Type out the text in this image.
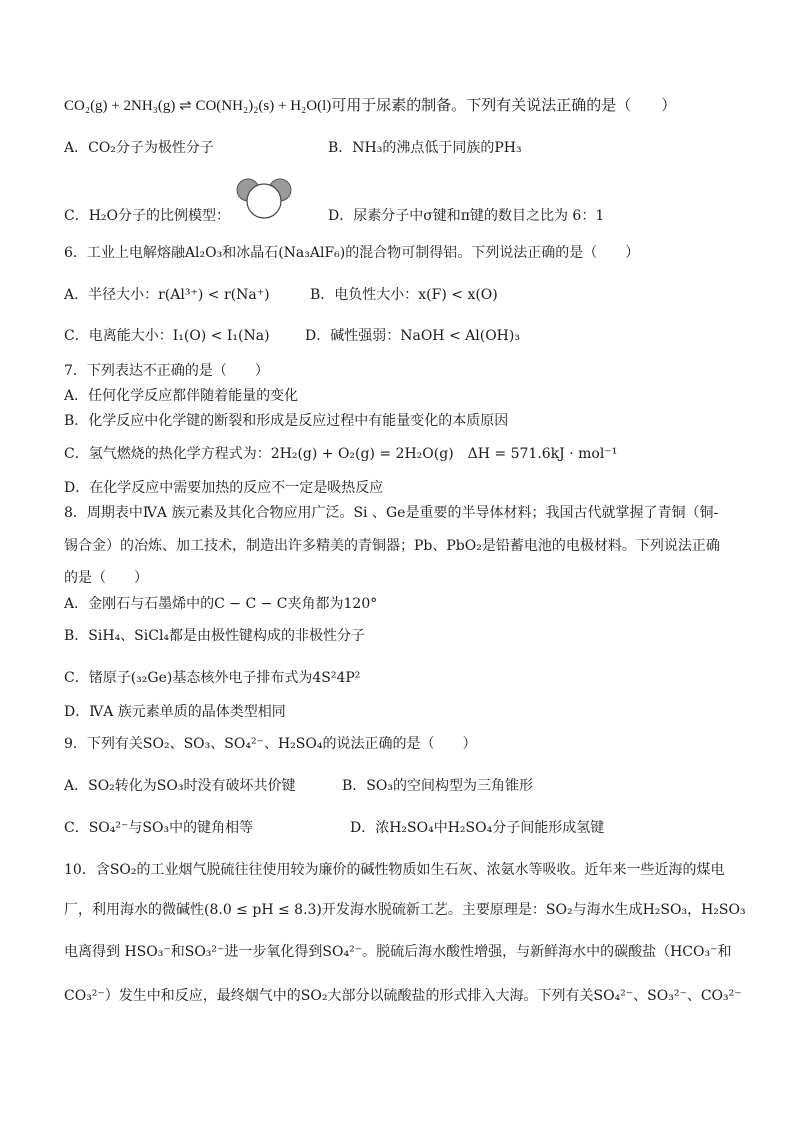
CO₂(g) + 2NH₃(g) ⇌ CO(NH₂)₂(s) + H₂O(l)可用于尿素的制备。下列有关说法正确的是（　　）
A．CO₂分子为极性分子	B．NH₃的沸点低于同族的PH₃
C．H₂O分子的比例模型：	D．尿素分子中σ键和π键的数目之比为 6：1
6．工业上电解熔融Al₂O₃和冰晶石(Na₃AlF₆)的混合物可制得铝。下列说法正确的是（　　）
A．半径大小：r(Al³⁺) < r(Na⁺)	B．电负性大小：x(F) < x(O)
C．电离能大小：I₁(O) < I₁(Na)	D．碱性强弱：NaOH < Al(OH)₃
7．下列表达不正确的是（　　）
A．任何化学反应都伴随着能量的变化
B．化学反应中化学键的断裂和形成是反应过程中有能量变化的本质原因
C．氢气燃烧的热化学方程式为：2H₂(g) + O₂(g) = 2H₂O(g)　ΔH = 571.6kJ · mol⁻¹
D．在化学反应中需要加热的反应不一定是吸热反应
8．周期表中ⅣA 族元素及其化合物应用广泛。Si 、Ge是重要的半导体材料；我国古代就掌握了青铜（铜-
锡合金）的冶炼、加工技术，制造出许多精美的青铜器；Pb、PbO₂是铅蓄电池的电极材料。下列说法正确
的是（　　）
A．金刚石与石墨烯中的C − C − C夹角都为120°
B．SiH₄、SiCl₄都是由极性键构成的非极性分子
C．锗原子(₃₂Ge)基态核外电子排布式为4S²4P²
D．ⅣA 族元素单质的晶体类型相同
9．下列有关SO₂、SO₃、SO₄²⁻、H₂SO₄的说法正确的是（　　）
A．SO₂转化为SO₃时没有破坏共价键	B．SO₃的空间构型为三角锥形
C．SO₄²⁻与SO₃中的键角相等	D．浓H₂SO₄中H₂SO₄分子间能形成氢键
10．含SO₂的工业烟气脱硫往往使用较为廉价的碱性物质如生石灰、浓氨水等吸收。近年来一些近海的煤电
厂，利用海水的微碱性(8.0 ≤ pH ≤ 8.3)开发海水脱硫新工艺。主要原理是：SO₂与海水生成H₂SO₃，H₂SO₃
电离得到 HSO₃⁻和SO₃²⁻进一步氧化得到SO₄²⁻。脱硫后海水酸性增强，与新鲜海水中的碳酸盐（HCO₃⁻和
CO₃²⁻）发生中和反应，最终烟气中的SO₂大部分以硫酸盐的形式排入大海。下列有关SO₄²⁻、SO₃²⁻、CO₃²⁻
